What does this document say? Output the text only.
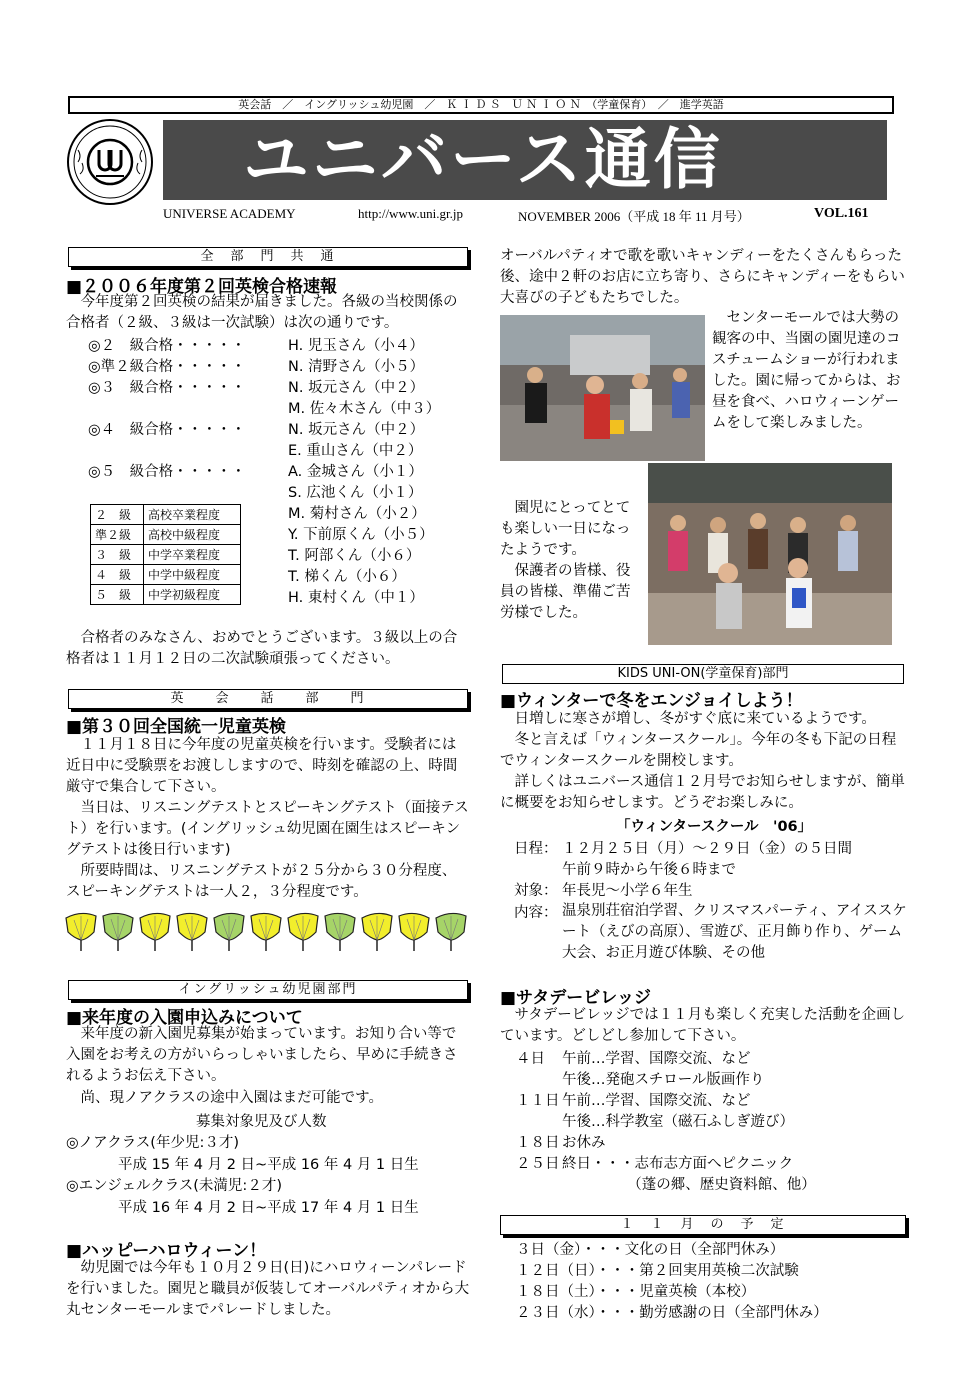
英会話　／　イングリッシュ幼児園　／　Ｋ Ｉ Ｄ Ｓ　Ｕ Ｎ Ｉ Ｏ Ｎ　（学童保育）　／　進学英語
ユニバース通信
UNIVERSE ACADEMY	http://www.uni.gr.jp	NOVEMBER 2006（平成 18 年 11 月号）	VOL.161
全　部　門　共　通
■２００６年度第２回英検合格速報
　今年度第２回英検の結果が届きました。各級の当校関係の合格者（２級、３級は一次試験）は次の通りです。
◎２　級合格・・・・・	H. 児玉さん（小４）
◎準２級合格・・・・・	N. 清野さん（小５）
◎３　級合格・・・・・	N. 坂元さん（中２）
M. 佐々木さん（中３）
◎４　級合格・・・・・	N. 坂元さん（中２）
E. 重山さん（中２）
◎５　級合格・・・・・	A. 金城さん（小１）
S. 広池くん（小１）
M. 菊村さん（小２）
Y. 下前原くん（小５）
T. 阿部くん（小６）
T. 梯くん（小６）
H. 東村くん（中１）
２　級	高校卒業程度
準２級	高校中級程度
３　級	中学卒業程度
４　級	中学中級程度
５　級	中学初級程度
　合格者のみなさん、おめでとうございます。３級以上の合格者は１１月１２日の二次試験頑張ってください。
英　　会　　話　　部　　門
■第３０回全国統一児童英検
　１１月１８日に今年度の児童英検を行います。受験者には近日中に受験票をお渡ししますので、時刻を確認の上、時間厳守で集合して下さい。
　当日は、リスニングテストとスピーキングテスト（面接テスト）を行います。(イングリッシュ幼児園在園生はスピーキングテストは後日行います)
　所要時間は、リスニングテストが２５分から３０分程度、スピーキングテストは一人２，３分程度です。
イングリッシュ幼児園部門
■来年度の入園申込みについて
　来年度の新入園児募集が始まっています。お知り合い等で入園をお考えの方がいらっしゃいましたら、早めに手続きされるようお伝え下さい。
　尚、現ノアクラスの途中入園はまだ可能です。
募集対象児及び人数
◎ノアクラス(年少児:３才)
平成 15 年 4 月 2 日~平成 16 年 4 月 1 日生
◎エンジェルクラス(未満児:２才)
平成 16 年 4 月 2 日~平成 17 年 4 月 1 日生
■ハッピーハロウィーン！
　幼児園では今年も１０月２９日(日)にハロウィーンパレードを行いました。園児と職員が仮装してオーバルパティオから大丸センターモールまでパレードしました。
オーバルパティオで歌を歌いキャンディーをたくさんもらった後、途中２軒のお店に立ち寄り、さらにキャンディーをもらい大喜びの子どもたちでした。
　センターモールでは大勢の観客の中、当園の園児達のコスチュームショーが行われました。園に帰ってからは、お昼を食べ、ハロウィーンゲームをして楽しみました。
　園児にとってとても楽しい一日になったようです。
　保護者の皆様、役員の皆様、準備ご苦労様でした。
KIDS UNI-ON(学童保育)部門
■ウィンターで冬をエンジョイしよう！
　日増しに寒さが増し、冬がすぐ底に来ているようです。
　冬と言えば「ウィンタースクール」。今年の冬も下記の日程でウィンタースクールを開校します。
　詳しくはユニバース通信１２月号でお知らせしますが、簡単に概要をお知らせします。どうぞお楽しみに。
「ウィンタースクール　'06」
日程： １２月２５日（月）～２９日（金）の５日間
午前９時から午後６時まで
対象： 年長児～小学６年生
内容： 温泉別荘宿泊学習、クリスマスパーティ、アイススケート（えびの高原）、雪遊び、正月飾り作り、ゲーム大会、お正月遊び体験、その他
■サタデービレッジ
　サタデービレッジでは１１月も楽しく充実した活動を企画しています。どしどし参加して下さい。
４日 午前…学習、国際交流、など
午後…発砲スチロール版画作り
１１日 午前…学習、国際交流、など
午後…科学教室（磁石ふしぎ遊び）
１８日 お休み
２５日 終日・・・志布志方面へピクニック
　　　　　（蓬の郷、歴史資料館、他）
１　１　月　の　予　定
３日（金）・・・文化の日（全部門休み）
１２日（日）・・・第２回実用英検二次試験
１８日（土）・・・児童英検（本校）
２３日（水）・・・勤労感謝の日（全部門休み）
